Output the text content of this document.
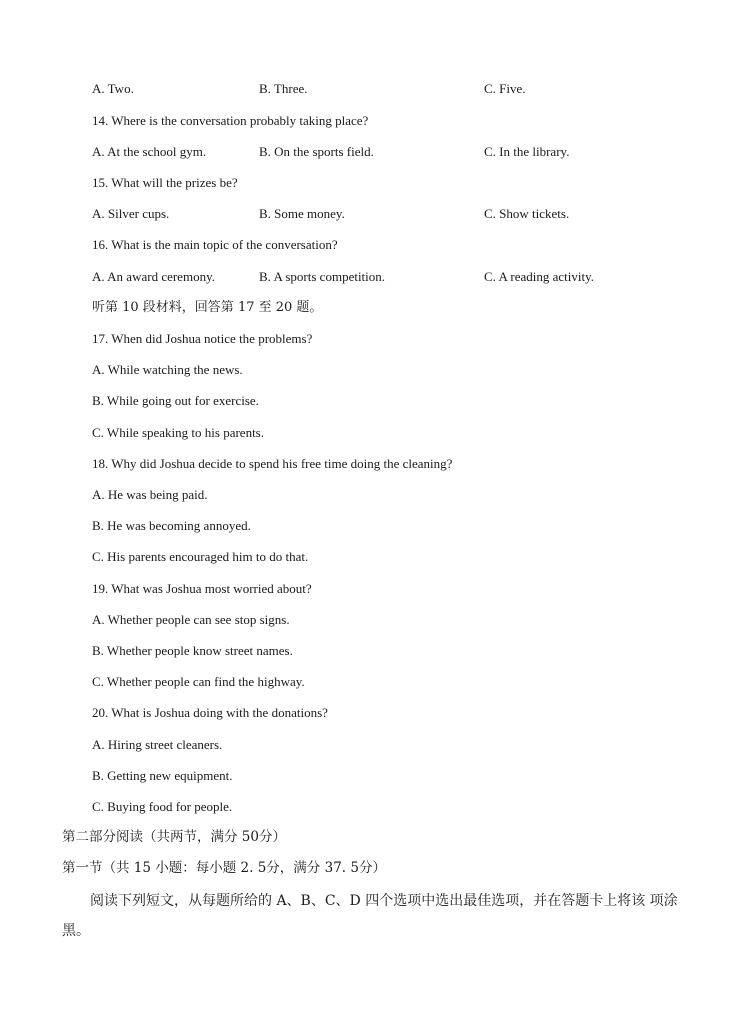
A. Two.	B. Three.	C. Five.
14. Where is the conversation probably taking place?
A. At the school gym.	B. On the sports field.	C. In the library.
15. What will the prizes be?
A. Silver cups.	B. Some money.	C. Show tickets.
16. What is the main topic of the conversation?
A. An award ceremony.	B. A sports competition.	C. A reading activity.
听第 10 段材料，回答第 17 至 20 题。
17. When did Joshua notice the problems?
A. While watching the news.
B. While going out for exercise.
C. While speaking to his parents.
18. Why did Joshua decide to spend his free time doing the cleaning?
A. He was being paid.
B. He was becoming annoyed.
C. His parents encouraged him to do that.
19. What was Joshua most worried about?
A. Whether people can see stop signs.
B. Whether people know street names.
C. Whether people can find the highway.
20. What is Joshua doing with the donations?
A. Hiring street cleaners.
B. Getting new equipment.
C. Buying food for people.
第二部分阅读（共两节，满分 50分）
第一节（共 15 小题：每小题 2. 5分，满分 37. 5分）
阅读下列短文，从每题所给的 A、B、C、D 四个选项中选出最佳选项，并在答题卡上将该 项涂黑。
